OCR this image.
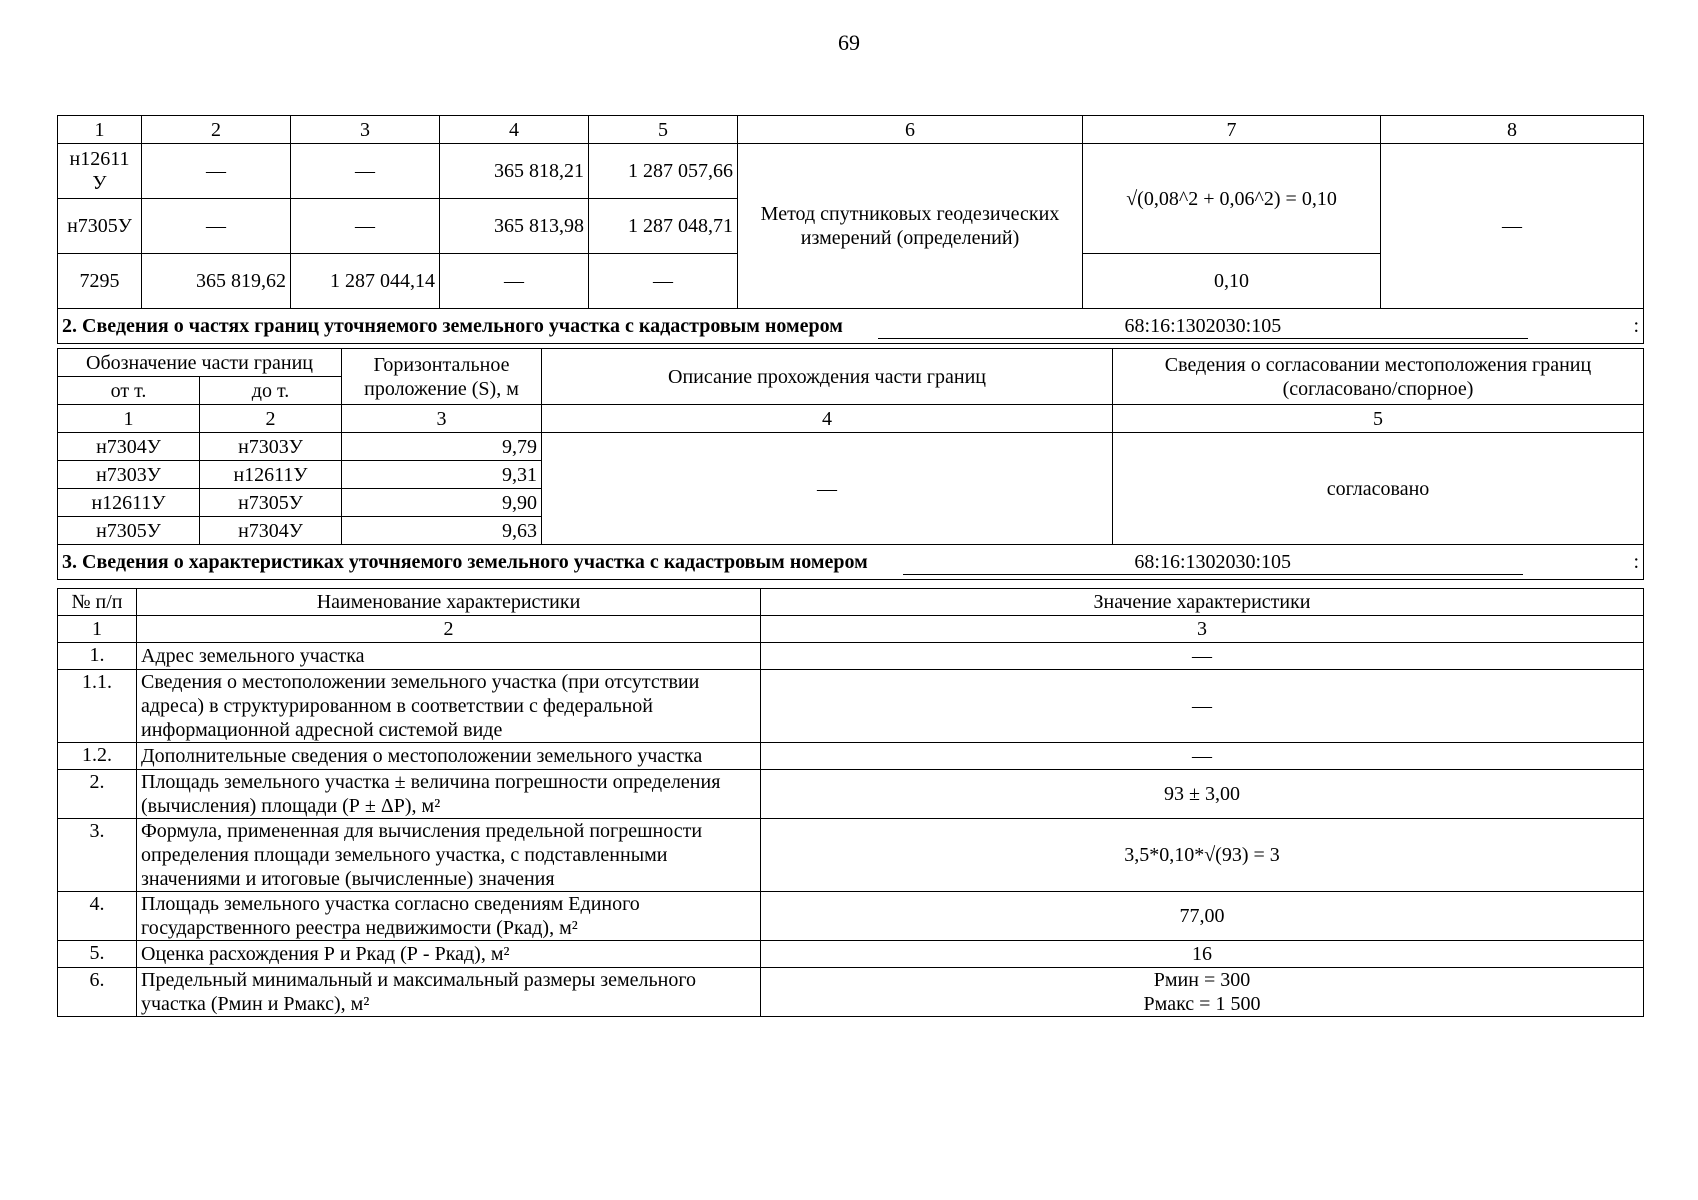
69
1	2	3	4	5	6	7	8
н12611 У	—	—	365 818,21	1 287 057,66	Метод спутниковых геодезических измерений (определений)	√(0,08^2 + 0,06^2) = 0,10	—
н7305У	—	—	365 813,98	1 287 048,71			
7295	365 819,62	1 287 044,14	—	—		0,10	
2. Сведения о частях границ уточняемого земельного участка с кадастровым номером 68:16:1302030:105 :							
Обозначение части границ		Горизонтальное проложение (S), м	Описание прохождения части границ	Сведения о согласовании местоположения границ (согласовано/спорное)
от т.	до т.			
1	2	3	4	5
н7304У	н7303У	9,79	—	согласовано
н7303У	н12611У	9,31		
н12611У	н7305У	9,90		
н7305У	н7304У	9,63		
3. Сведения о характеристиках уточняемого земельного участка с кадастровым номером 68:16:1302030:105 :				
№ п/п	Наименование характеристики	Значение характеристики
1	2	3
1.	Адрес земельного участка	—
1.1.	Сведения о местоположении земельного участка (при отсутствии адреса) в структурированном в соответствии с федеральной информационной адресной системой виде	—
1.2.	Дополнительные сведения о местоположении земельного участка	—
2.	Площадь земельного участка ± величина погрешности определения (вычисления) площади (Р ± ΔР), м²	93 ± 3,00
3.	Формула, примененная для вычисления предельной погрешности определения площади земельного участка, с подставленными значениями и итоговые (вычисленные) значения	3,5*0,10*√(93) = 3
4.	Площадь земельного участка согласно сведениям Единого государственного реестра недвижимости (Ркад), м²	77,00
5.	Оценка расхождения Р и Ркад (Р - Ркад), м²	16
6.	Предельный минимальный и максимальный размеры земельного участка (Рмин и Рмакс), м²	Рмин = 300
Рмакс = 1 500
